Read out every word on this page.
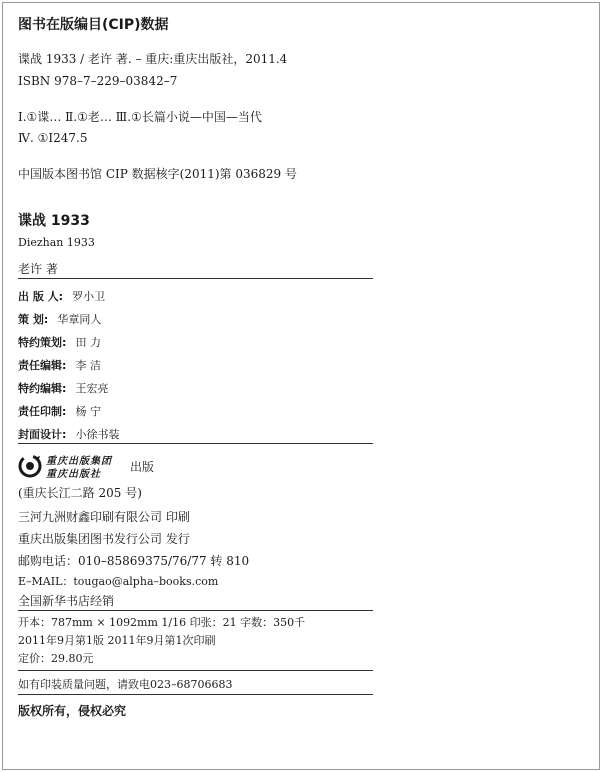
图书在版编目(CIP)数据
谍战 1933 / 老许 著. – 重庆:重庆出版社，2011.4
ISBN 978–7–229–03842–7
Ⅰ.①谍… Ⅱ.①老… Ⅲ.①长篇小说—中国—当代
Ⅳ. ①I247.5
中国版本图书馆 CIP 数据核字(2011)第 036829 号
谍战 1933
Diezhan 1933
老许 著
出 版 人: 罗小卫
策 划: 华章同人
特约策划: 田 力
责任编辑: 李 洁
特约编辑: 王宏亮
责任印制: 杨 宁
封面设计: 小徐书装
重庆出版集团
重庆出版社
出版
(重庆长江二路 205 号)
三河九洲财鑫印刷有限公司 印刷
重庆出版集团图书发行公司 发行
邮购电话：010–85869375/76/77 转 810
E–MAIL：tougao@alpha–books.com
全国新华书店经销
开本：787mm × 1092mm 1/16 印张：21 字数：350千
2011年9月第1版 2011年9月第1次印刷
定价：29.80元
如有印装质量问题，请致电023–68706683
版权所有，侵权必究
